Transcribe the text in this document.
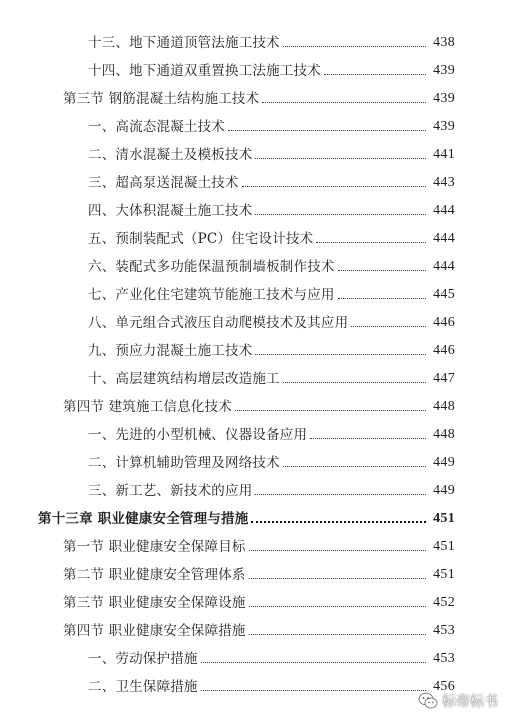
十三、地下通道顶管法施工技术	438
十四、地下通道双重置换工法施工技术	439
第三节 钢筋混凝土结构施工技术	439
一、高流态混凝土技术	439
二、清水混凝土及模板技术	441
三、超高泵送混凝土技术	443
四、大体积混凝土施工技术	444
五、预制装配式（PC）住宅设计技术	444
六、装配式多功能保温预制墙板制作技术	444
七、产业化住宅建筑节能施工技术与应用	445
八、单元组合式液压自动爬模技术及其应用	446
九、预应力混凝土施工技术	446
十、高层建筑结构增层改造施工	447
第四节 建筑施工信息化技术	448
一、先进的小型机械、仪器设备应用	448
二、计算机辅助管理及网络技术	449
三、新工艺、新技术的应用	449
第十三章 职业健康安全管理与措施	451
第一节 职业健康安全保障目标	451
第二节 职业健康安全管理体系	451
第三节 职业健康安全保障设施	452
第四节 职业健康安全保障措施	453
一、劳动保护措施	453
二、卫生保障措施	456
标帝标书
